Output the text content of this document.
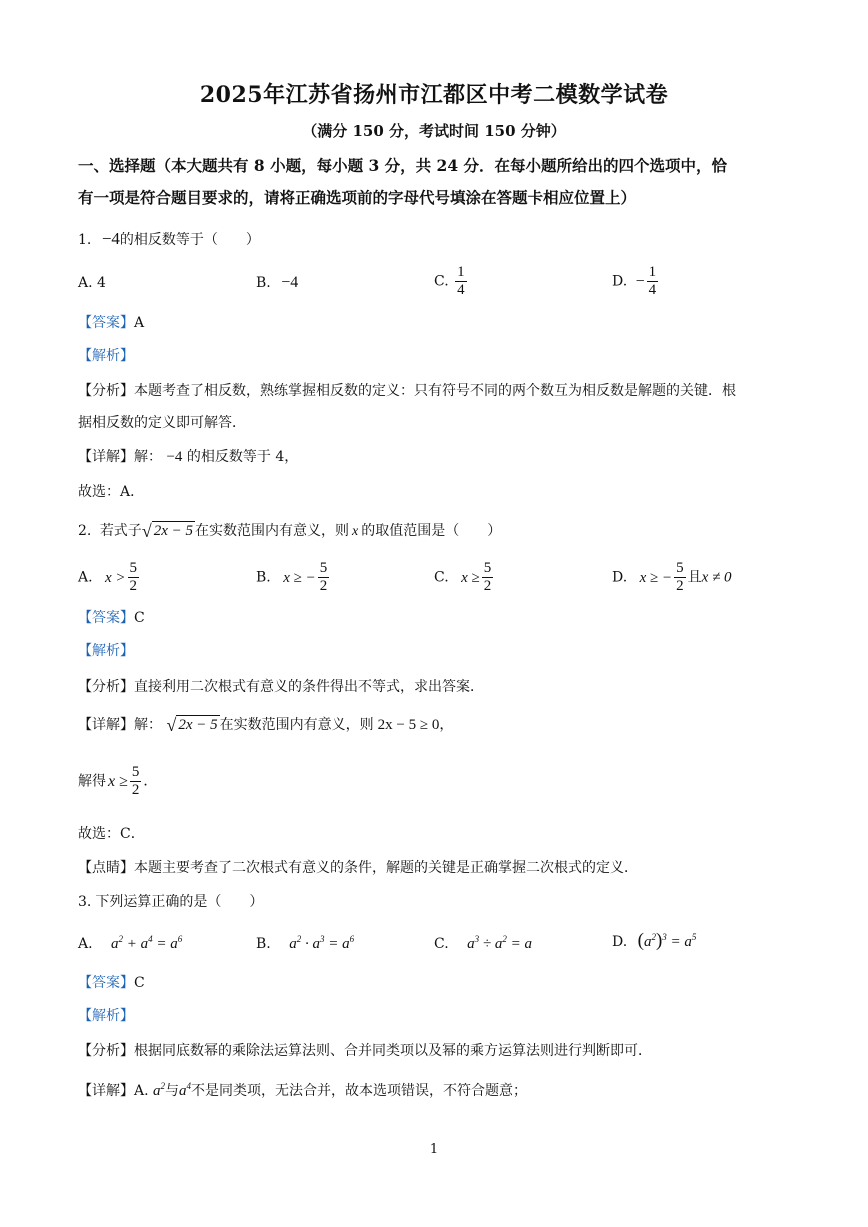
2025年江苏省扬州市江都区中考二模数学试卷
（满分 150 分，考试时间 150 分钟）
一、选择题（本大题共有 8 小题，每小题 3 分，共 24 分．在每小题所给出的四个选项中，恰
有一项是符合题目要求的，请将正确选项前的字母代号填涂在答题卡相应位置上）
1. −4的相反数等于（　　）
A. 4	B. −4	C. $\frac{1}{4}$	D. − $\frac{1}{4}$
【答案】A
【解析】
【分析】本题考查了相反数，熟练掌握相反数的定义：只有符号不同的两个数互为相反数是解题的关键．根
据相反数的定义即可解答．
【详解】解： −4 的相反数等于 4，
故选：A．
2. 若式子 √ 2x − 5 在实数范围内有意义，则 x 的取值范围是（　　）
A. $x > \frac{5}{2}$	B. x ≥ − $\frac{5}{2}$	C. $x \ge \frac{5}{2}$	D. x ≥ − $\frac{5}{2}$ 且x ≠ 0
【答案】C
【解析】
【分析】直接利用二次根式有意义的条件得出不等式，求出答案．
【详解】解： √ 2x − 5 在实数范围内有意义，则 2x − 5 ≥ 0，
解得 $x \ge \frac{5}{2}$ ．
故选：C．
【点睛】本题主要考查了二次根式有意义的条件，解题的关键是正确掌握二次根式的定义．
3. 下列运算正确的是（　　）
A. $a^2 + a^4 = a^6$	B. $a^2 \cdot a^3 = a^6$	C. $a^3 \div a^2 = a$	D. $(a^2)^3 = a^5$
【答案】C
【解析】
【分析】根据同底数幂的乘除法运算法则、合并同类项以及幂的乘方运算法则进行判断即可．
【详解】A. $a^2$与$a^4$不是同类项，无法合并，故本选项错误，不符合题意；
1
